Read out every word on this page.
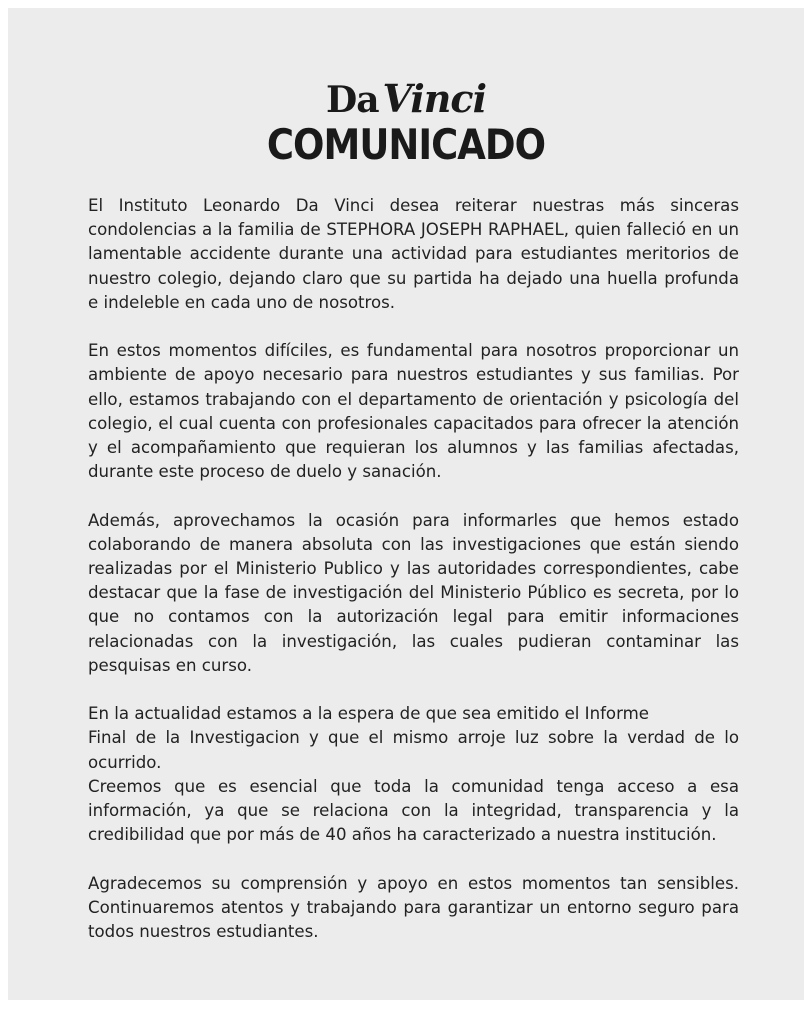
Da Vinci
COMUNICADO

El Instituto Leonardo Da Vinci desea reiterar nuestras más sinceras condolencias a la familia de STEPHORA JOSEPH RAPHAEL, quien falleció en un lamentable accidente durante una actividad para estudiantes meritorios de nuestro colegio, dejando claro que su partida ha dejado una huella profunda e indeleble en cada uno de nosotros.

En estos momentos difíciles, es fundamental para nosotros proporcionar un ambiente de apoyo necesario para nuestros estudiantes y sus familias. Por ello, estamos trabajando con el departamento de orientación y psicología del colegio, el cual cuenta con profesionales capacitados para ofrecer la atención y el acompañamiento que requieran los alumnos y las familias afectadas, durante este proceso de duelo y sanación.

Además, aprovechamos la ocasión para informarles que hemos estado colaborando de manera absoluta con las investigaciones que están siendo realizadas por el Ministerio Publico y las autoridades correspondientes, cabe destacar que la fase de investigación del Ministerio Público es secreta, por lo que no contamos con la autorización legal para emitir informaciones relacionadas con la investigación, las cuales pudieran contaminar las pesquisas en curso.

En la actualidad estamos a la espera de que sea emitido el Informe

Final de la Investigacion y que el mismo arroje luz sobre la verdad de lo ocurrido.

Creemos que es esencial que toda la comunidad tenga acceso a esa información, ya que se relaciona con la integridad, transparencia y la credibilidad que por más de 40 años ha caracterizado a nuestra institución.

Agradecemos su comprensión y apoyo en estos momentos tan sensibles. Continuaremos atentos y trabajando para garantizar un entorno seguro para todos nuestros estudiantes.
